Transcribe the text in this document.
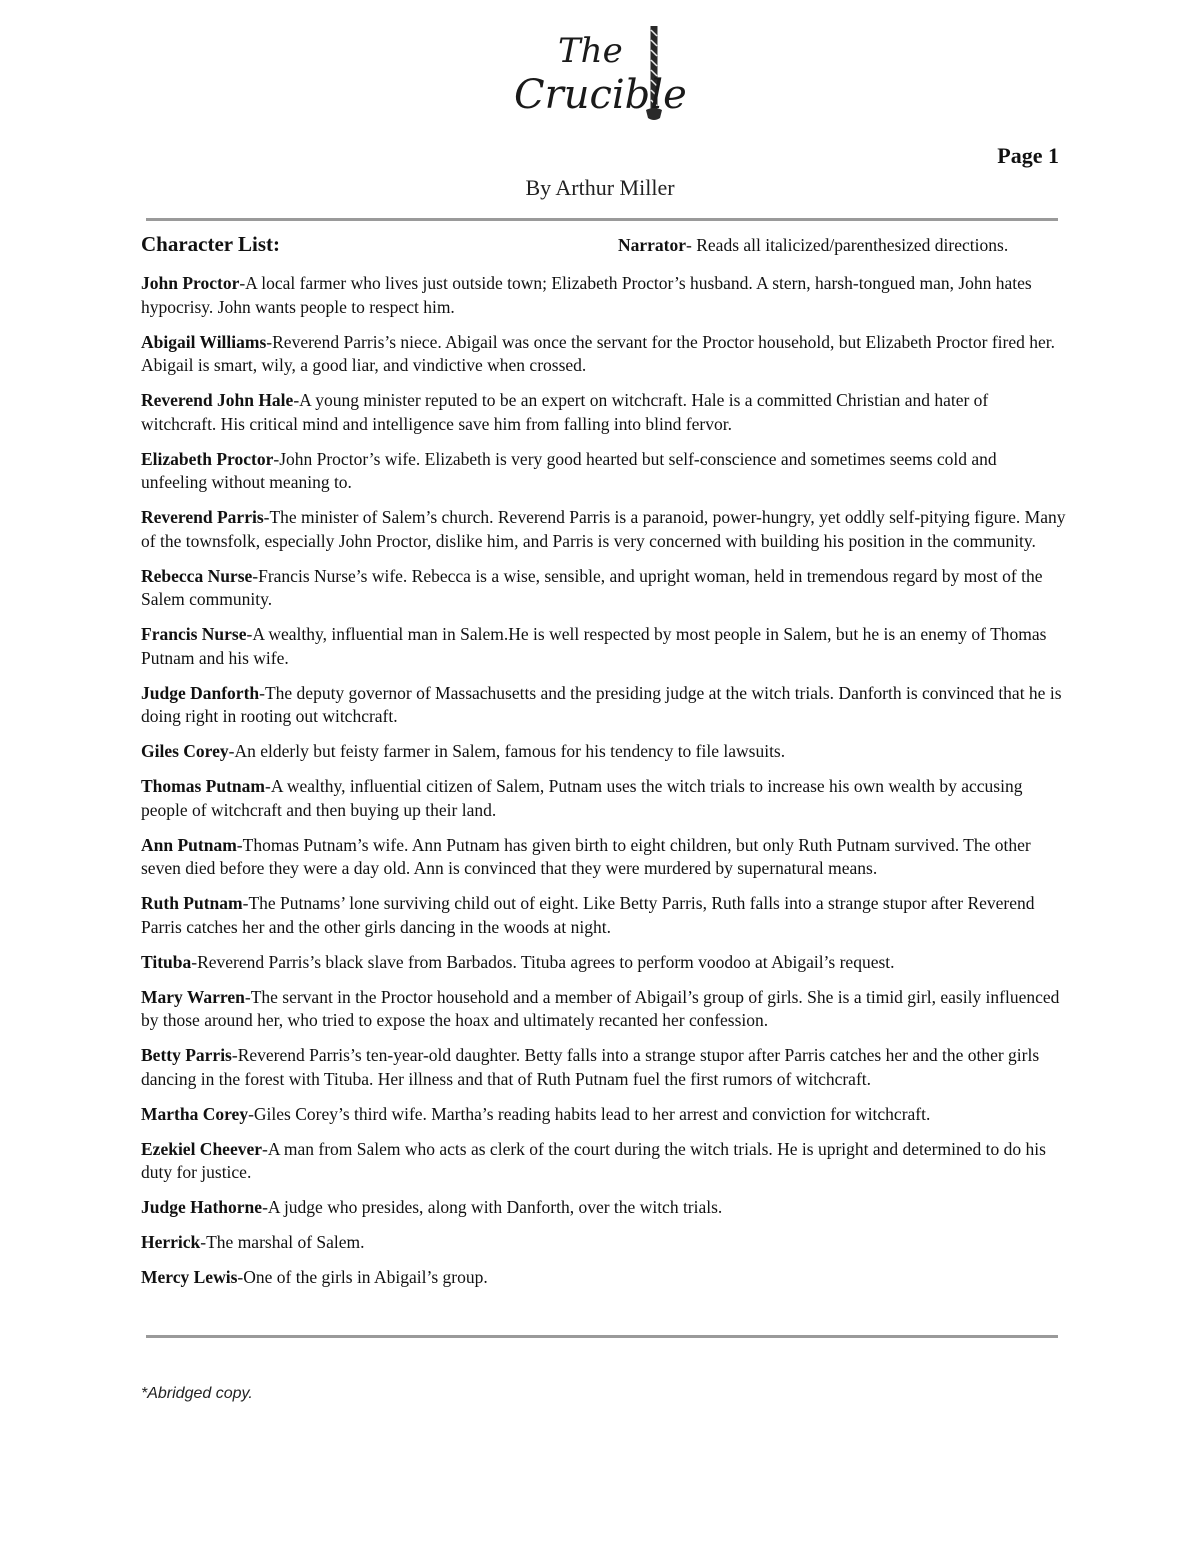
The
Crucible
Page 1
By Arthur Miller
Character List:	Narrator- Reads all italicized/parenthesized directions.

John Proctor-A local farmer who lives just outside town; Elizabeth Proctor’s husband. A stern, harsh-tongued man, John hates hypocrisy. John wants people to respect him.

Abigail Williams-Reverend Parris’s niece. Abigail was once the servant for the Proctor household, but Elizabeth Proctor fired her. Abigail is smart, wily, a good liar, and vindictive when crossed.

Reverend John Hale-A young minister reputed to be an expert on witchcraft. Hale is a committed Christian and hater of witchcraft. His critical mind and intelligence save him from falling into blind fervor.

Elizabeth Proctor-John Proctor’s wife. Elizabeth is very good hearted but self-conscience and sometimes seems cold and unfeeling without meaning to.

Reverend Parris-The minister of Salem’s church. Reverend Parris is a paranoid, power-hungry, yet oddly self-pitying figure. Many of the townsfolk, especially John Proctor, dislike him, and Parris is very concerned with building his position in the community.

Rebecca Nurse-Francis Nurse’s wife. Rebecca is a wise, sensible, and upright woman, held in tremendous regard by most of the Salem community.

Francis Nurse-A wealthy, influential man in Salem.He is well respected by most people in Salem, but he is an enemy of Thomas Putnam and his wife.

Judge Danforth-The deputy governor of Massachusetts and the presiding judge at the witch trials. Danforth is convinced that he is doing right in rooting out witchcraft.

Giles Corey-An elderly but feisty farmer in Salem, famous for his tendency to file lawsuits.

Thomas Putnam-A wealthy, influential citizen of Salem, Putnam uses the witch trials to increase his own wealth by accusing people of witchcraft and then buying up their land.

Ann Putnam-Thomas Putnam’s wife. Ann Putnam has given birth to eight children, but only Ruth Putnam survived. The other seven died before they were a day old. Ann is convinced that they were murdered by supernatural means.

Ruth Putnam-The Putnams’ lone surviving child out of eight. Like Betty Parris, Ruth falls into a strange stupor after Reverend Parris catches her and the other girls dancing in the woods at night.

Tituba-Reverend Parris’s black slave from Barbados. Tituba agrees to perform voodoo at Abigail’s request.

Mary Warren-The servant in the Proctor household and a member of Abigail’s group of girls. She is a timid girl, easily influenced by those around her, who tried to expose the hoax and ultimately recanted her confession.

Betty Parris-Reverend Parris’s ten-year-old daughter. Betty falls into a strange stupor after Parris catches her and the other girls dancing in the forest with Tituba. Her illness and that of Ruth Putnam fuel the first rumors of witchcraft.

Martha Corey-Giles Corey’s third wife. Martha’s reading habits lead to her arrest and conviction for witchcraft.

Ezekiel Cheever-A man from Salem who acts as clerk of the court during the witch trials. He is upright and determined to do his duty for justice.

Judge Hathorne-A judge who presides, along with Danforth, over the witch trials.

Herrick-The marshal of Salem.

Mercy Lewis-One of the girls in Abigail’s group.

*Abridged copy.
